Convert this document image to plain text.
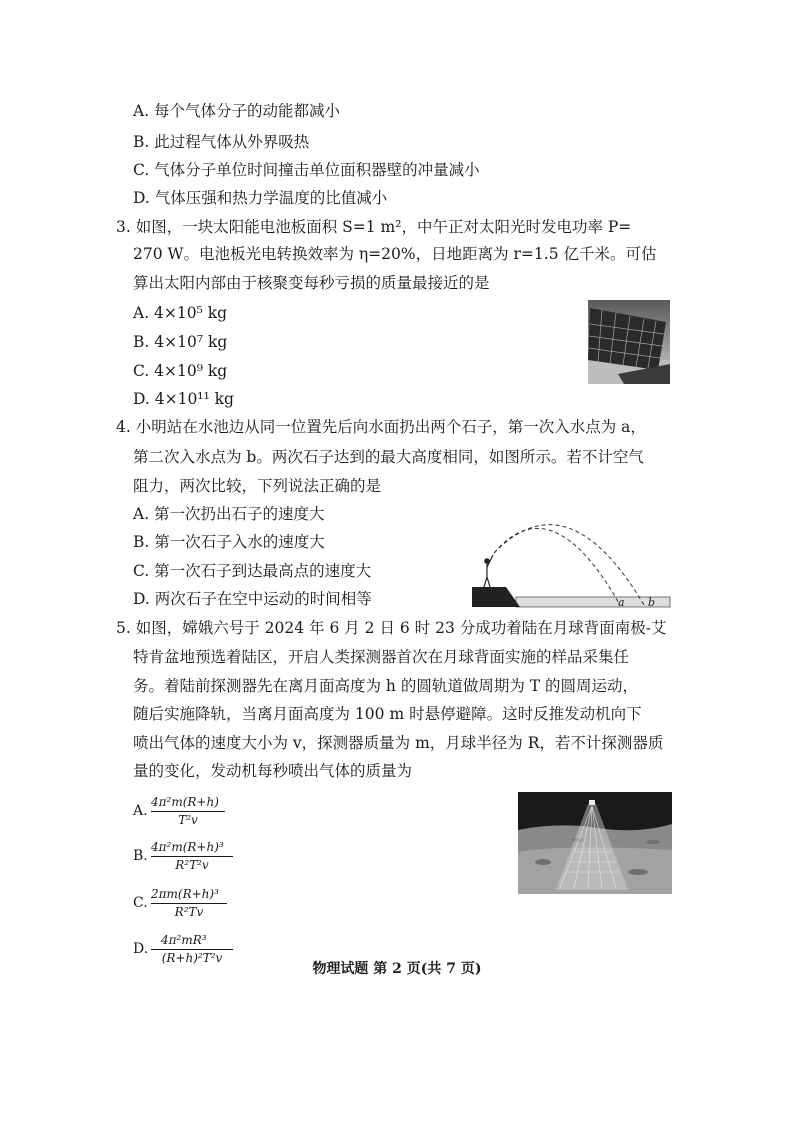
A. 每个气体分子的动能都减小
B. 此过程气体从外界吸热
C. 气体分子单位时间撞击单位面积器壁的冲量减小
D. 气体压强和热力学温度的比值减小
3. 如图，一块太阳能电池板面积 S=1 m²，中午正对太阳光时发电功率 P=
270 W。电池板光电转换效率为 η=20%，日地距离为 r=1.5 亿千米。可估
算出太阳内部由于核聚变每秒亏损的质量最接近的是
A. 4×10⁵ kg
B. 4×10⁷ kg
C. 4×10⁹ kg
D. 4×10¹¹ kg
4. 小明站在水池边从同一位置先后向水面扔出两个石子，第一次入水点为 a，
第二次入水点为 b。两次石子达到的最大高度相同，如图所示。若不计空气
阻力，两次比较，下列说法正确的是
A. 第一次扔出石子的速度大
B. 第一次石子入水的速度大
C. 第一次石子到达最高点的速度大
D. 两次石子在空中运动的时间相等	a b
5. 如图，嫦娥六号于 2024 年 6 月 2 日 6 时 23 分成功着陆在月球背面南极-艾
特肯盆地预选着陆区，开启人类探测器首次在月球背面实施的样品采集任
务。着陆前探测器先在离月面高度为 h 的圆轨道做周期为 T 的圆周运动，
随后实施降轨，当离月面高度为 100 m 时悬停避障。这时反推发动机向下
喷出气体的速度大小为 v，探测器质量为 m，月球半径为 R，若不计探测器质
量的变化，发动机每秒喷出气体的质量为
A.
4π²m(R+h)
T²v
B.
4π²m(R+h)³
R²T²v
C.
2πm(R+h)³
R²Tv
D.
4π²mR³
(R+h)²T²v
物理试题 第 2 页(共 7 页)
